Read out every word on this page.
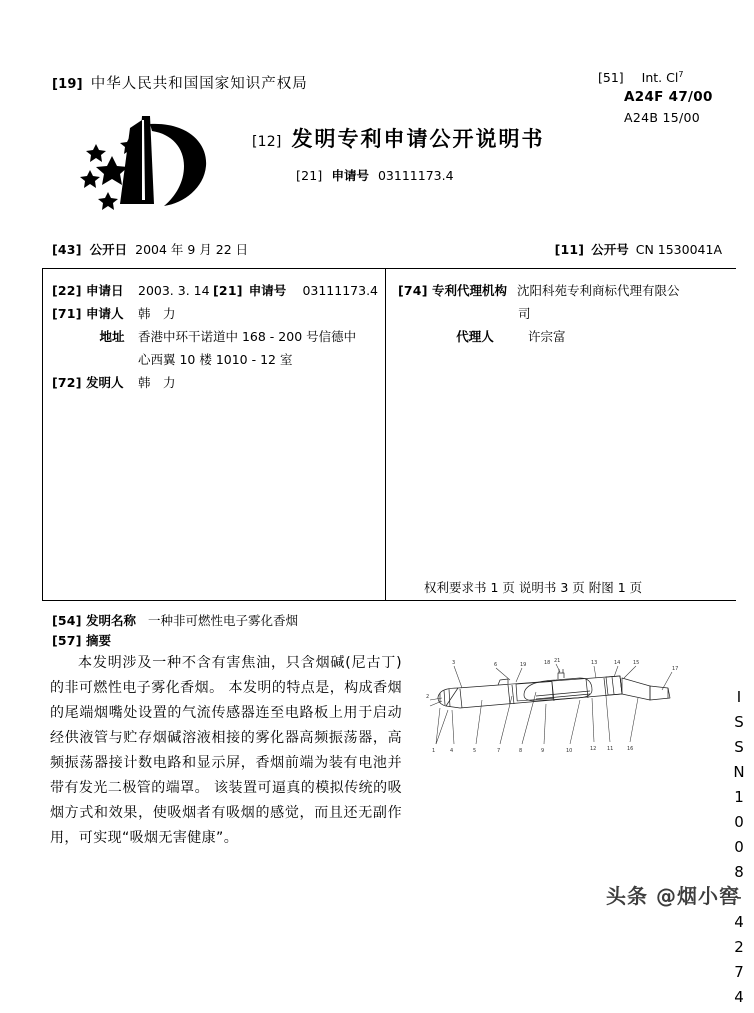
[19] 中华人民共和国国家知识产权局	[51] Int. Cl$^7$
A24F 47/00
A24B 15/00
[12] 发明专利申请公开说明书
[21] 申请号 03111173.4
[43] 公开日 2004 年 9 月 22 日	[11] 公开号 CN 1530041A
[22] 申请日	2003. 3. 14 [21] 申请号	03111173.4
[71] 申请人	韩　力
地址	香港中环干诺道中 168 - 200 号信德中
心西翼 10 楼 1010 - 12 室
[72] 发明人	韩　力
[74] 专利代理机构 沈阳科苑专利商标代理有限公
司
代理人	许宗富
权利要求书 1 页 说明书 3 页 附图 1 页
[54] 发明名称 一种非可燃性电子雾化香烟
[57] 摘要
本发明涉及一种不含有害焦油，只含烟碱(尼古丁)的非可燃性电子雾化香烟。 本发明的特点是，构成香烟的尾端烟嘴处设置的气流传感器连至电路板上用于启动经供液管与贮存烟碱溶液相接的雾化器高频振荡器，高频振荡器接计数电路和显示屏，香烟前端为装有电池并带有发光二极管的端罩。 该装置可逼真的模拟传统的吸烟方式和效果，使吸烟者有吸烟的感觉，而且还无副作用，可实现“吸烟无害健康”。
1	4	5	7	8	9	10	12 11	16
2
3	6	19	18 21	13	14	15
17
ISSN1008-4274
头条 @烟小窖
